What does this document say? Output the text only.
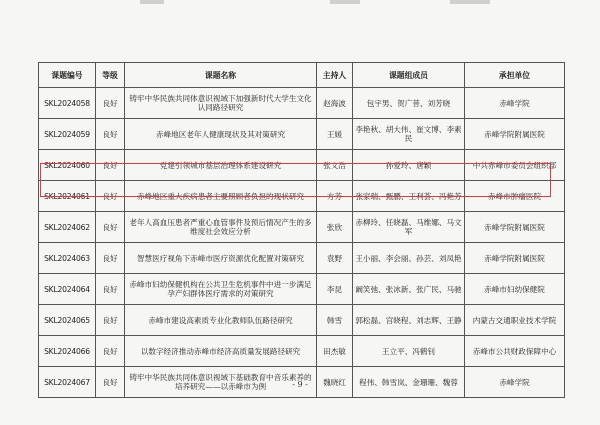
课题编号	等级	课题名称	主持人	课题组成员	承担单位
SKL2024058	良好	铸牢中华民族共同体意识视域下加强新时代大学生文化认同路径研究	赵海波	包宇男、贺广菩、刘芳晓	赤峰学院
SKL2024059	良好	赤峰地区老年人健康现状及其对策研究	王媛	李艳秋、胡大伟、崔文博、李素民	赤峰学院附属医院
SKL2024060	良好	党建引领城市基层治理体系建设研究	张文浩	孙爱玲、唐颖	中共赤峰市委员会组织部
SKL2024061	良好	赤峰地区重大疾病患者主要照顾者负担的现状研究	方芳	张家瑞、甄鹏、王利荟、冯艳芳	赤峰市肿瘤医院
SKL2024062	良好	老年人高血压患者严重心血管事件及预后情况产生的多维度社会效应分析	张欣	赤柳玲、任晓磊、马维娜、马文军	赤峰学院附属医院
SKL2024063	良好	智慧医疗视角下赤峰市医疗资源优化配置对策研究	袁野	王小丽、李会丽、孙芸、刘凤艳	赤峰学院附属医院
SKL2024064	良好	赤峰市妇幼保健机构在公共卫生危机事件中进一步满足孕产妇群体医疗需求的对策研究	李昆	阚笑弛、张冰新、张广民、马驰	赤峰市妇幼保健院
SKL2024065	良好	赤峰市建设高素质专业化教师队伍路径研究	韩雪	郭松磊、宫晓程、刘志辉、王静	内蒙古交通职业技术学院
SKL2024066	良好	以数字经济推动赤峰市经济高质量发展路径研究	田杰敏	王立平、冯鹤钊	赤峰市公共财政保障中心
SKL2024067	良好	铸牢中华民族共同体意识视域下基础教育中音乐素养的培养研究——以赤峰市为例	魏晓红	程伟、韩雪岚、金珊珊、魏蓉	赤峰学院
- 9 -
